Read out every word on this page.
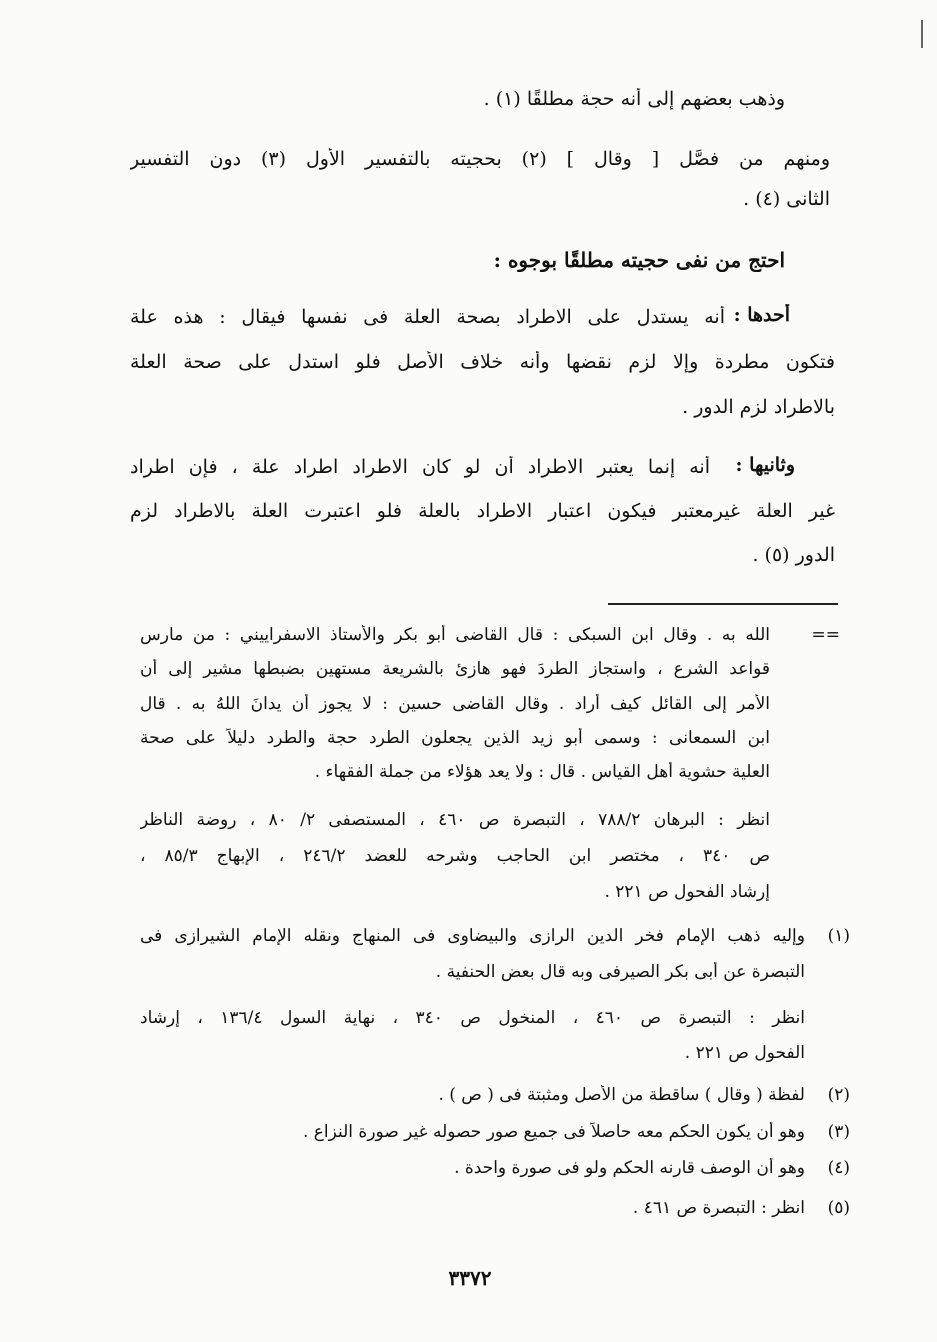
وذهب بعضهم إلى أنه حجة مطلقًا (١) .
ومنهم من فصَّل [ وقال ] (٢) بحجيته بالتفسير الأول (٣) دون التفسير
الثانى (٤) .
احتج من نفى حجيته مطلقًا بوجوه :
أنه يستدل على الاطراد بصحة العلة فى نفسها فيقال : هذه علة أحدها :
فتكون مطردة وإلا لزم نقضها وأنه خلاف الأصل فلو استدل على صحة العلة
بالاطراد لزم الدور .
أنه إنما يعتبر الاطراد أن لو كان الاطراد اطراد علة ، فإن اطراد	وثانيها :
غير العلة غيرمعتبر فيكون اعتبار الاطراد بالعلة فلو اعتبرت العلة بالاطراد لزم
الدور (٥) .
==
الله به . وقال ابن السبكى : قال القاضى أبو بكر والأستاذ الاسفراييني : من مارس
قواعد الشرع ، واستجاز الطردَ فهو هازئ بالشريعة مستهين بضبطها مشير إلى أن
الأمر إلى القائل كيف أراد . وقال القاضى حسين : لا يجوز أن يدانَ اللهُ به . قال
ابن السمعانى : وسمى أبو زيد الذين يجعلون الطرد حجة والطرد دليلاً على صحة
العلية حشوية أهل القياس . قال : ولا يعد هؤلاء من جملة الفقهاء .
انظر : البرهان ٧٨٨/٢ ، التبصرة ص ٤٦٠ ، المستصفى ٢/ ٨٠ ، روضة الناظر
ص ٣٤٠ ، مختصر ابن الحاجب وشرحه للعضد ٢٤٦/٢ ، الإبهاج ٨٥/٣ ،
إرشاد الفحول ص ٢٢١ .
(١)
وإليه ذهب الإمام فخر الدين الرازى والبيضاوى فى المنهاج ونقله الإمام الشيرازى فى
التبصرة عن أبى بكر الصيرفى وبه قال بعض الحنفية .
انظر : التبصرة ص ٤٦٠ ، المنخول ص ٣٤٠ ، نهاية السول ١٣٦/٤ ، إرشاد
الفحول ص ٢٢١ .
(٢)
لفظة ( وقال ) ساقطة من الأصل ومثبتة فى ( ص ) .
(٣)
وهو أن يكون الحكم معه حاصلاً فى جميع صور حصوله غير صورة النزاع .
(٤)
وهو أن الوصف قارنه الحكم ولو فى صورة واحدة .
(٥)
انظر : التبصرة ص ٤٦١ .
٣٣٧٢
